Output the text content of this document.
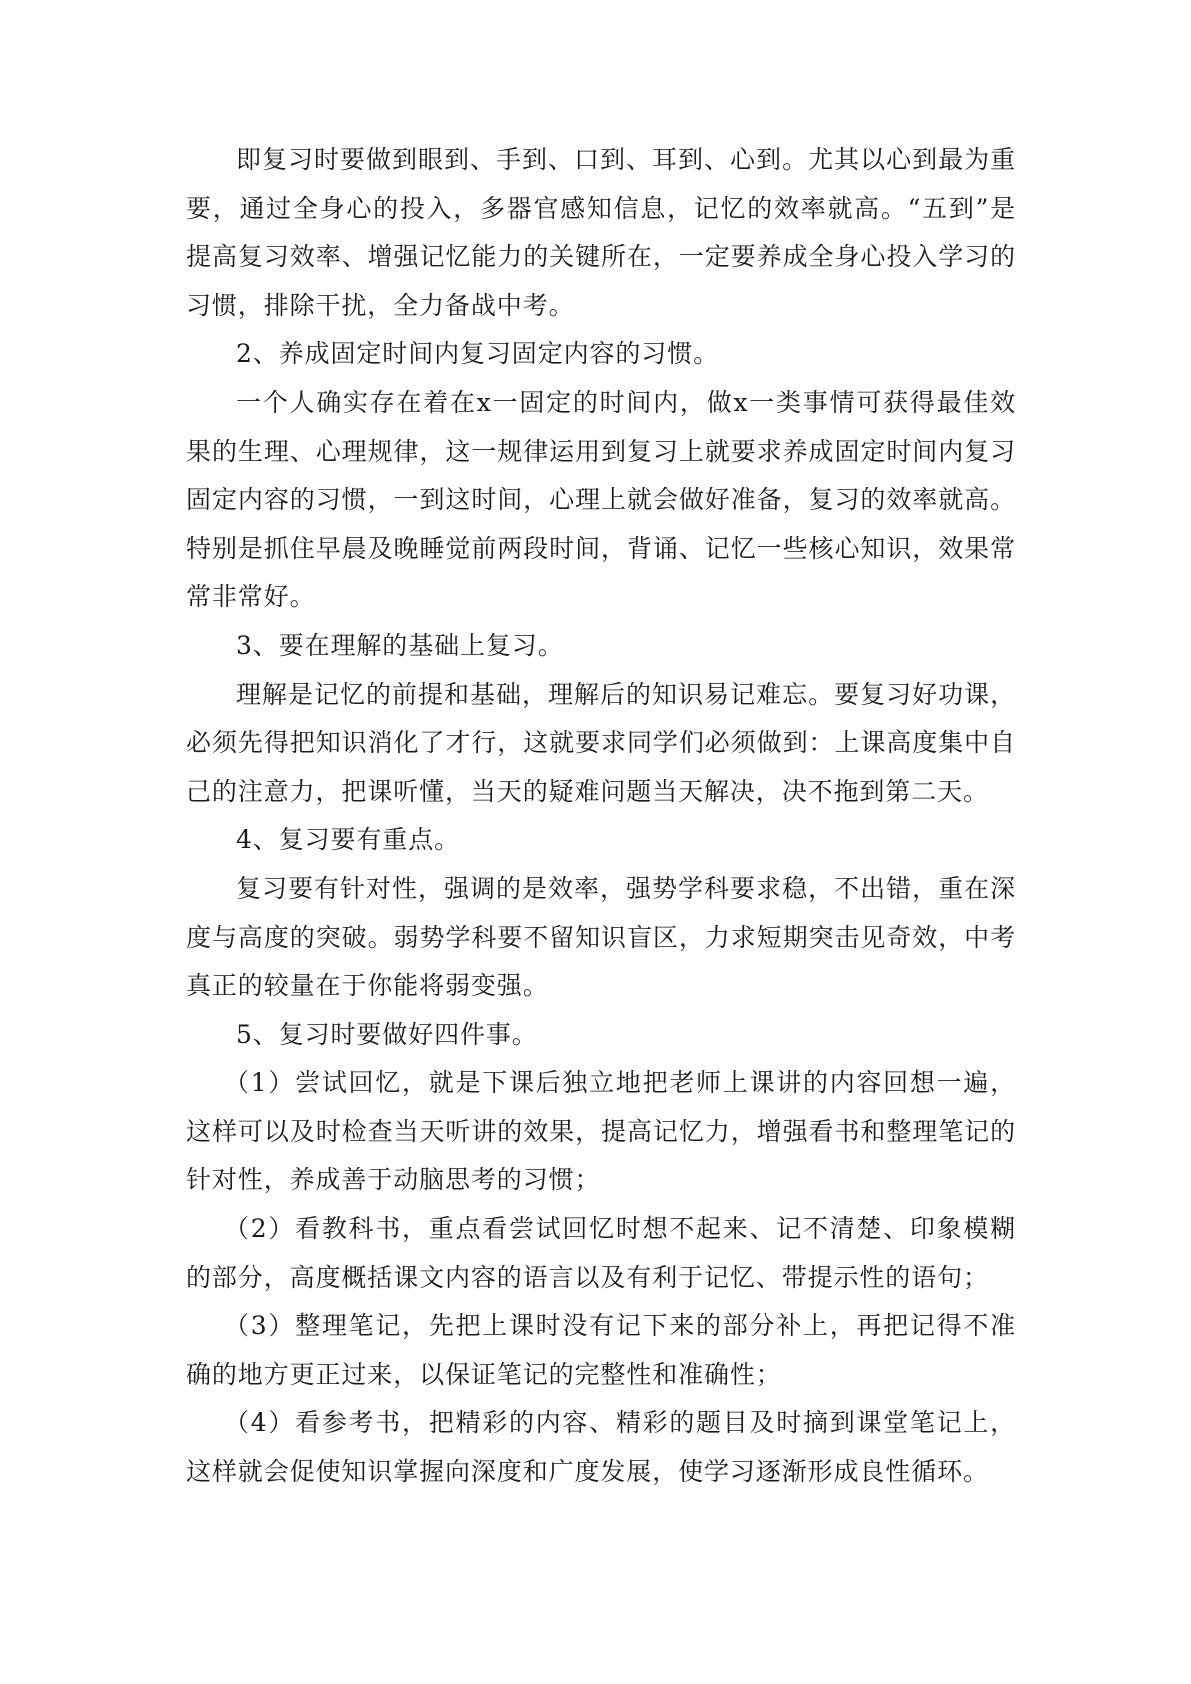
即复习时要做到眼到、手到、口到、耳到、心到。尤其以心到最为重要，通过全身心的投入，多器官感知信息，记忆的效率就高。“五到”是提高复习效率、增强记忆能力的关键所在，一定要养成全身心投入学习的习惯，排除干扰，全力备战中考。

2、养成固定时间内复习固定内容的习惯。

一个人确实存在着在x一固定的时间内，做x一类事情可获得最佳效果的生理、心理规律，这一规律运用到复习上就要求养成固定时间内复习固定内容的习惯，一到这时间，心理上就会做好准备，复习的效率就高。特别是抓住早晨及晚睡觉前两段时间，背诵、记忆一些核心知识，效果常常非常好。

3、要在理解的基础上复习。

理解是记忆的前提和基础，理解后的知识易记难忘。要复习好功课，必须先得把知识消化了才行，这就要求同学们必须做到：上课高度集中自己的注意力，把课听懂，当天的疑难问题当天解决，决不拖到第二天。

4、复习要有重点。

复习要有针对性，强调的是效率，强势学科要求稳，不出错，重在深度与高度的突破。弱势学科要不留知识盲区，力求短期突击见奇效，中考真正的较量在于你能将弱变强。

5、复习时要做好四件事。

（1）尝试回忆，就是下课后独立地把老师上课讲的内容回想一遍，这样可以及时检查当天听讲的效果，提高记忆力，增强看书和整理笔记的针对性，养成善于动脑思考的习惯；

（2）看教科书，重点看尝试回忆时想不起来、记不清楚、印象模糊的部分，高度概括课文内容的语言以及有利于记忆、带提示性的语句；

（3）整理笔记，先把上课时没有记下来的部分补上，再把记得不准确的地方更正过来，以保证笔记的完整性和准确性；

（4）看参考书，把精彩的内容、精彩的题目及时摘到课堂笔记上，这样就会促使知识掌握向深度和广度发展，使学习逐渐形成良性循环。
